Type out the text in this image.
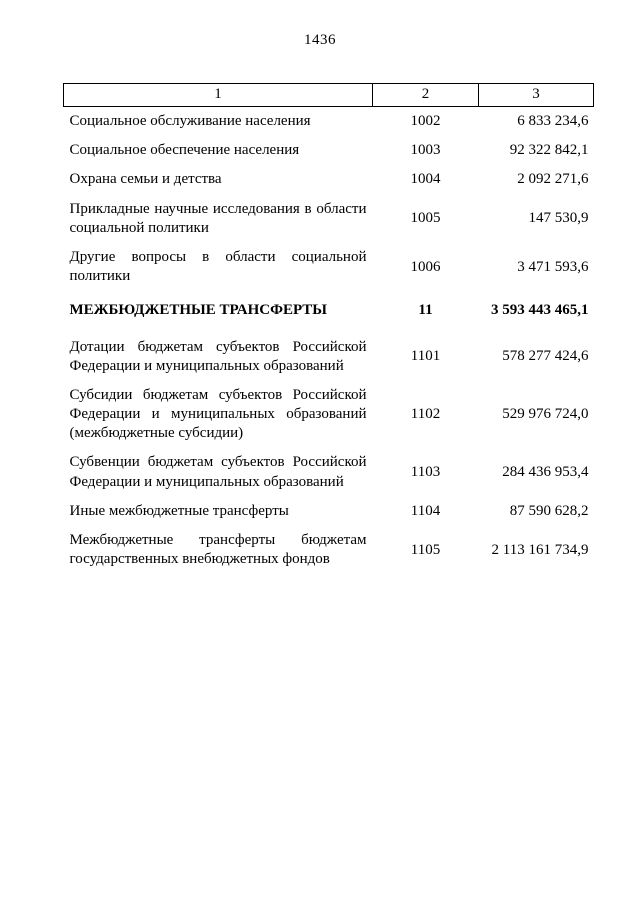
1436
1	2	3
Социальное обслуживание населения	1002	6 833 234,6
Социальное обеспечение населения	1003	92 322 842,1
Охрана семьи и детства	1004	2 092 271,6
Прикладные научные исследования в области социальной политики	1005	147 530,9
Другие вопросы в области социальной политики	1006	3 471 593,6
МЕЖБЮДЖЕТНЫЕ ТРАНСФЕРТЫ	11	3 593 443 465,1
Дотации бюджетам субъектов Российской Федерации и муниципальных образований	1101	578 277 424,6
Субсидии бюджетам субъектов Российской Федерации и муниципальных образований (межбюджетные субсидии)	1102	529 976 724,0
Субвенции бюджетам субъектов Российской Федерации и муниципальных образований	1103	284 436 953,4
Иные межбюджетные трансферты	1104	87 590 628,2
Межбюджетные трансферты бюджетам государственных внебюджетных фондов	1105	2 113 161 734,9
